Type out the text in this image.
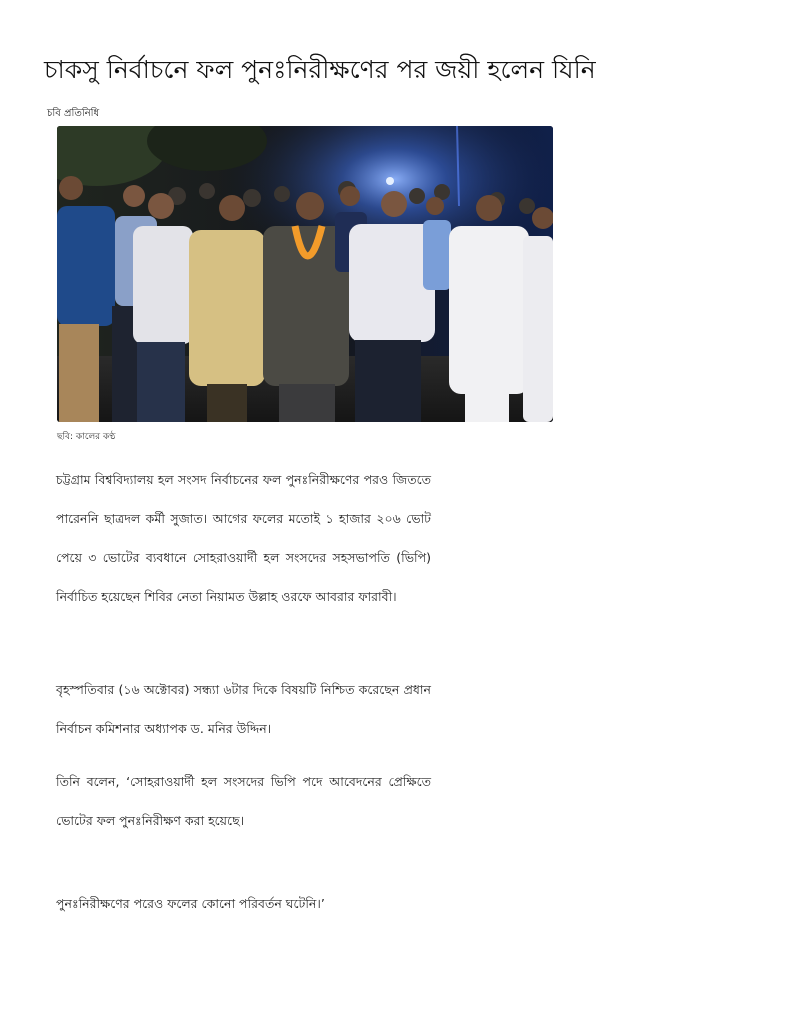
চাকসু নির্বাচনে ফল পুনঃনিরীক্ষণের পর জয়ী হলেন যিনি

চবি প্রতিনিধি

ছবি: কালের কণ্ঠ

চট্টগ্রাম বিশ্ববিদ্যালয় হল সংসদ নির্বাচনের ফল পুনঃনিরীক্ষণের পরও জিততে পারেননি ছাত্রদল কর্মী সুজাত। আগের ফলের মতোই ১ হাজার ২০৬ ভোট পেয়ে ৩ ভোটের ব্যবধানে সোহরাওয়ার্দী হল সংসদের সহসভাপতি (ভিপি) নির্বাচিত হয়েছেন শিবির নেতা নিয়ামত উল্লাহ ওরফে আবরার ফারাবী।

বৃহস্পতিবার (১৬ অক্টোবর) সন্ধ্যা ৬টার দিকে বিষয়টি নিশ্চিত করেছেন প্রধান নির্বাচন কমিশনার অধ্যাপক ড. মনির উদ্দিন।

তিনি বলেন, ‘সোহরাওয়ার্দী হল সংসদের ভিপি পদে আবেদনের প্রেক্ষিতে ভোটের ফল পুনঃনিরীক্ষণ করা হয়েছে।

পুনঃনিরীক্ষণের পরেও ফলের কোনো পরিবর্তন ঘটেনি।’
